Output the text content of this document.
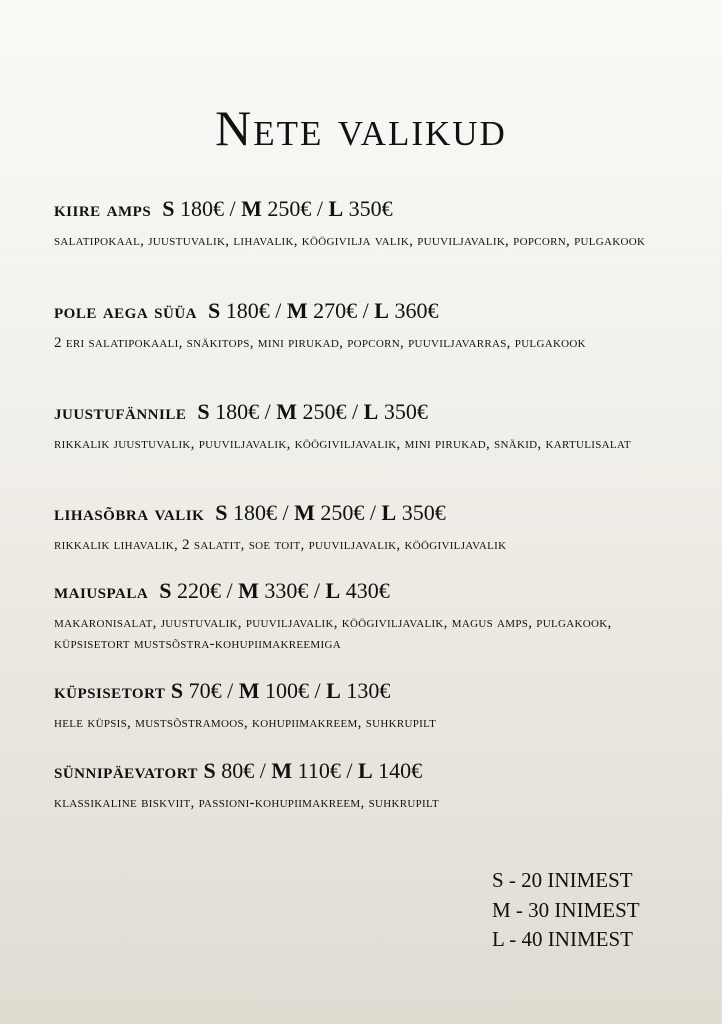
Nete valikud
kiire amps S 180€ / M 250€ / L 350€
salatipokaal, juustuvalik, lihavalik, köögivilja valik, puuviljavalik, popcorn, pulgakook
pole aega süüa S 180€ / M 270€ / L 360€
2 eri salatipokaali, snäkitops, mini pirukad, popcorn, puuviljavarras, pulgakook
juustufännile S 180€ / M 250€ / L 350€
rikkalik juustuvalik, puuviljavalik, köögiviljavalik, mini pirukad, snäkid, kartulisalat
lihasõbra valik S 180€ / M 250€ / L 350€
rikkalik lihavalik, 2 salatit, soe toit, puuviljavalik, köögiviljavalik
maiuspala S 220€ / M 330€ / L 430€
makaronisalat, juustuvalik, puuviljavalik, köögiviljavalik, magus amps, pulgakook, küpsisetort mustsõstra-kohupiimakreemiga
küpsisetort S 70€ / M 100€ / L 130€
hele küpsis, mustsõstramoos, kohupiimakreem, suhkrupilt
sünnipäevatort S 80€ / M 110€ / L 140€
klassikaline biskviit, passioni-kohupiimakreem, suhkrupilt
S - 20 INIMEST
M - 30 INIMEST
L - 40 INIMEST
